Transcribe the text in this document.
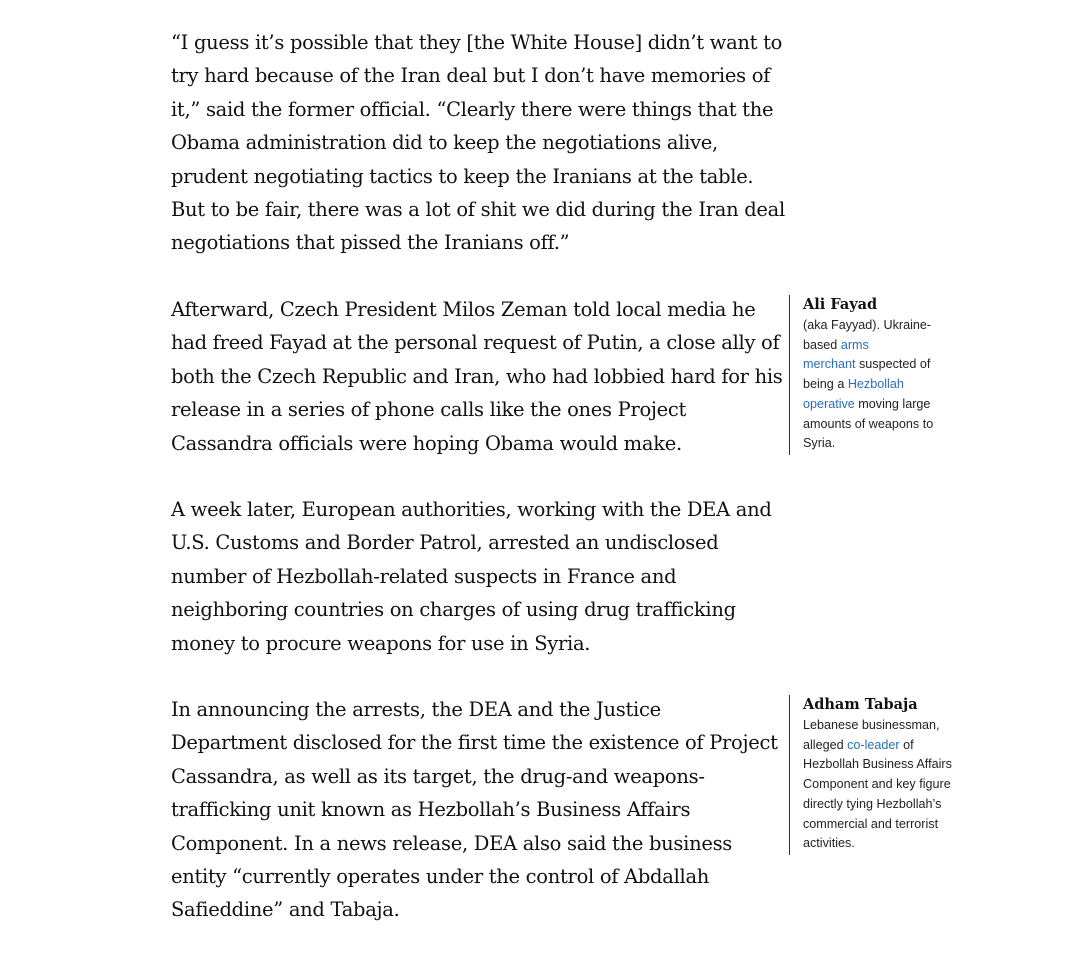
“I guess it’s possible that they [the White House] didn’t want to
try hard because of the Iran deal but I don’t have memories of
it,” said the former official. “Clearly there were things that the
Obama administration did to keep the negotiations alive,
prudent negotiating tactics to keep the Iranians at the table.
But to be fair, there was a lot of shit we did during the Iran deal
negotiations that pissed the Iranians off.”

Afterward, Czech President Milos Zeman told local media he
had freed Fayad at the personal request of Putin, a close ally of
both the Czech Republic and Iran, who had lobbied hard for his
release in a series of phone calls like the ones Project
Cassandra officials were hoping Obama would make.

A week later, European authorities, working with the DEA and
U.S. Customs and Border Patrol, arrested an undisclosed
number of Hezbollah-related suspects in France and
neighboring countries on charges of using drug trafficking
money to procure weapons for use in Syria.

In announcing the arrests, the DEA and the Justice
Department disclosed for the first time the existence of Project
Cassandra, as well as its target, the drug-and weapons-
trafficking unit known as Hezbollah’s Business Affairs
Component. In a news release, DEA also said the business
entity “currently operates under the control of Abdallah
Safieddine” and Tabaja.

Ali Fayad
(aka Fayyad). Ukraine-
based arms
merchant suspected of
being a Hezbollah
operative moving large
amounts of weapons to
Syria.
Adham Tabaja
Lebanese businessman,
alleged co-leader of
Hezbollah Business Affairs
Component and key figure
directly tying Hezbollah’s
commercial and terrorist
activities.
